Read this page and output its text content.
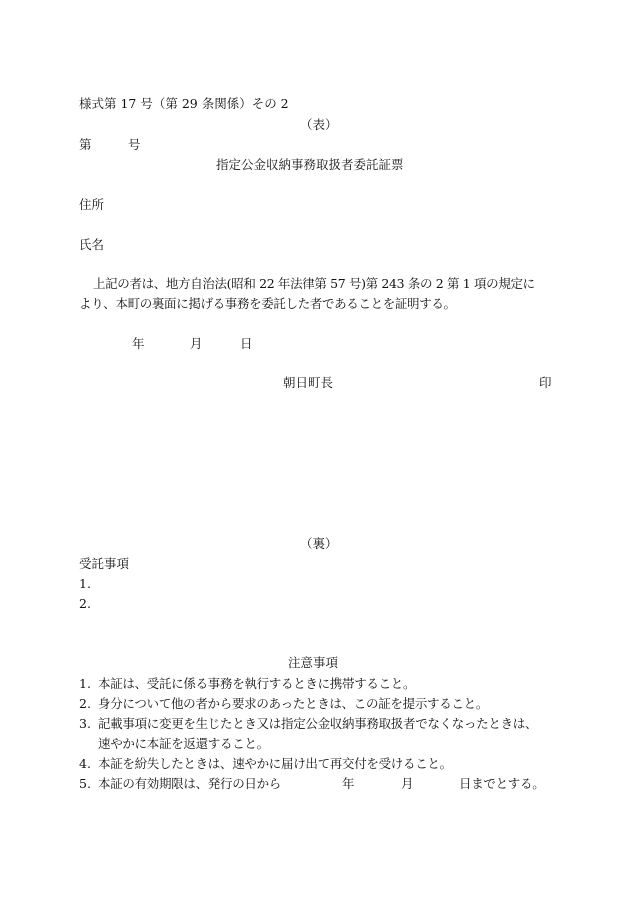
様式第 17 号（第 29 条関係）その 2
（表）
第	号
指定公金収納事務取扱者委託証票
住所
氏名
上記の者は、地方自治法(昭和 22 年法律第 57 号)第 243 条の 2 第 1 項の規定に
より、本町の裏面に掲げる事務を委託した者であることを証明する。
年	月	日
朝日町長	印
（裏）
受託事項
1.
2.
注意事項
1. 本証は、受託に係る事務を執行するときに携帯すること。
2. 身分について他の者から要求のあったときは、この証を提示すること。
3. 記載事項に変更を生じたとき又は指定公金収納事務取扱者でなくなったときは、
速やかに本証を返還すること。
4. 本証を紛失したときは、速やかに届け出て再交付を受けること。
5. 本証の有効期限は、発行の日から	年	月	日までとする。
